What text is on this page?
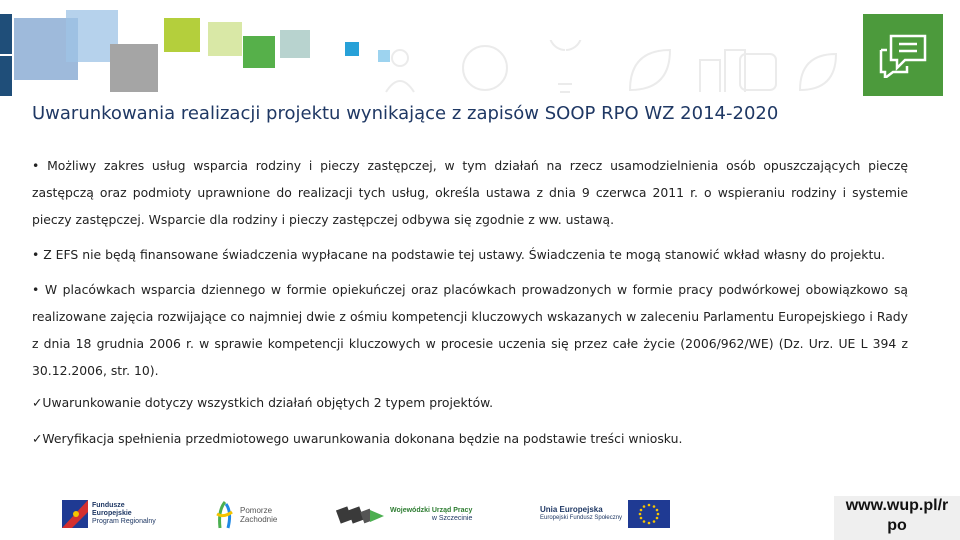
Uwarunkowania realizacji projektu wynikające z zapisów SOOP RPO WZ 2014-2020

• Możliwy zakres usług wsparcia rodziny i pieczy zastępczej, w tym działań na rzecz usamodzielnienia osób opuszczających pieczę zastępczą oraz podmioty uprawnione do realizacji tych usług, określa ustawa z dnia 9 czerwca 2011 r. o wspieraniu rodziny i systemie pieczy zastępczej. Wsparcie dla rodziny i pieczy zastępczej odbywa się zgodnie z ww. ustawą.

• Z EFS nie będą finansowane świadczenia wypłacane na podstawie tej ustawy. Świadczenia te mogą stanowić wkład własny do projektu.

• W placówkach wsparcia dziennego w formie opiekuńczej oraz placówkach prowadzonych w formie pracy podwórkowej obowiązkowo są realizowane zajęcia rozwijające co najmniej dwie z ośmiu kompetencji kluczowych wskazanych w zaleceniu Parlamentu Europejskiego i Rady z dnia 18 grudnia 2006 r. w sprawie kompetencji kluczowych w procesie uczenia się przez całe życie (2006/962/WE) (Dz. Urz. UE L 394 z 30.12.2006, str. 10).

✓Uwarunkowanie dotyczy wszystkich działań objętych 2 typem projektów.

✓Weryfikacja spełnienia przedmiotowego uwarunkowania dokonana będzie na podstawie treści wniosku.

Fundusze
Europejskie
Program Regionalny
Pomorze
Zachodnie
Wojewódzki Urząd Pracy
w Szczecinie
Unia Europejska
Europejski Fundusz Społeczny
www.wup.pl/r po
